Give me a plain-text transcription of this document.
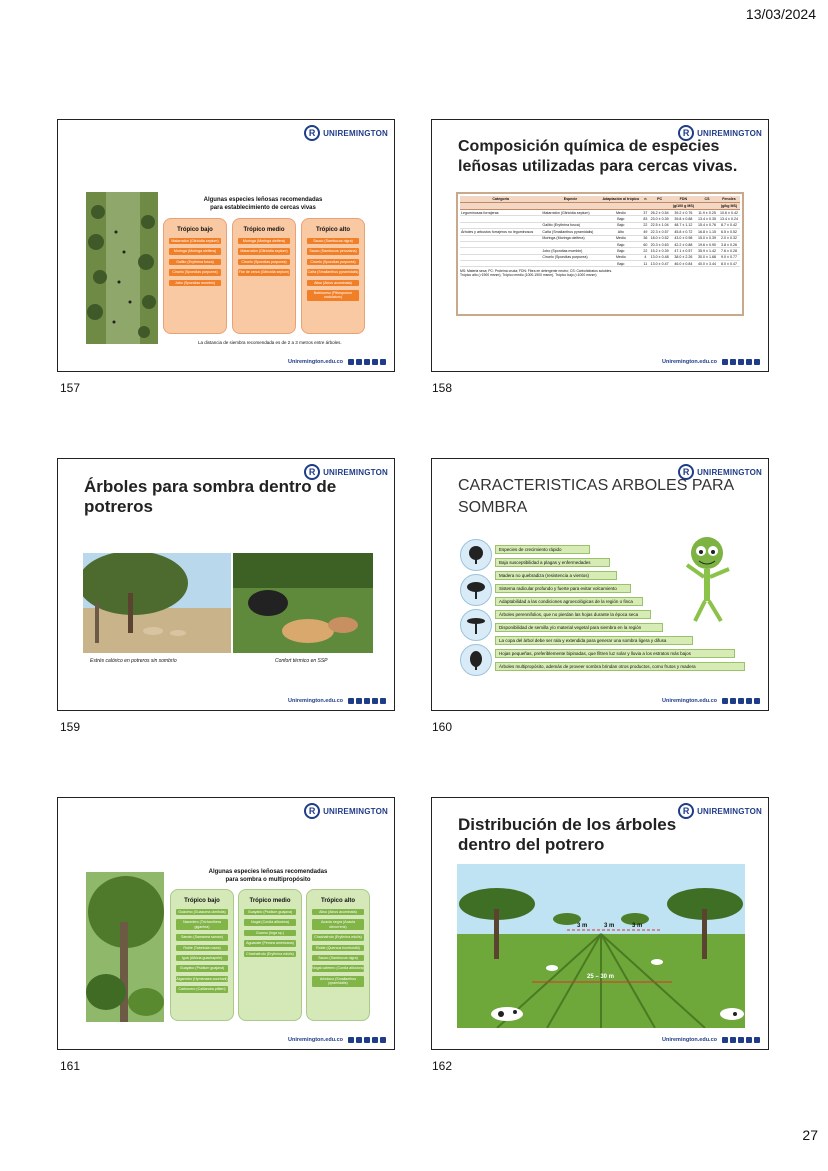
13/03/2024
27
R UNIREMINGTON
Algunas especies leñosas recomendadas
para establecimiento de cercas vivas
Trópico bajo
Matarratón (Gliricidia sepium)
Moringa (Moringa oleifera)
Gallito (Erythrina fusca)
Ciruelo (Spondias purpurea)
Jobo (Spondias mombin)
Trópico medio
Moringa (Moringa oleifera)
Matarratón (Gliricidia sepium)
Ciruelo (Spondias purpurea)
Flor de cerca (Gliricidia sepium)
Trópico alto
Sauco (Sambucus nigra)
Sauco (Sambucus peruviana)
Ciruelo (Spondias purpurea)
Caña (Smallanthus pyramidalis)
Aliso (Alnus acuminata)
Botrioneso (Pittosporum undulatum)
La distancia de siembra recomendada es de 2 a 3 metros entre árboles.
Uniremington.edu.co
157
R UNIREMINGTON
Composición química de especies
leñosas utilizadas para cercas vivas.
Categoría	Especie	Adaptación al trópico	n	PC	FDN	CS	Fenoles
					(g/100 g MS)		(g/kg MS)
Leguminosas forrajeras	Matarratón (Gliricidia sepium)	Medio	37	26.2 ± 0.54	39.2 ± 0.76	11.9 ± 0.25	10.6 ± 0.42
		Bajo	83	23.0 ± 0.39	39.8 ± 0.88	13.4 ± 0.35	13.4 ± 0.24
	Gallito (Erythrina fusca)	Bajo	22	22.5 ± 1.04	48.7 ± 1.12	15.4 ± 0.76	8.7 ± 0.42
Árboles y arbustos forrajeros no leguminosos	Caña (Smallanthus pyramidalis)	Alto	49	22.3 ± 0.57	45.8 ± 0.72	16.8 ± 1.15	6.5 ± 0.52
	Moringa (Moringa oleifera)	Medio	36	18.0 ± 0.52	43.0 ± 0.98	15.0 ± 0.39	2.0 ± 0.32
		Bajo	60	20.3 ± 0.63	42.2 ± 0.88	19.6 ± 0.90	3.8 ± 0.26
	Jobo (Spondias mombin)	Bajo	22	15.2 ± 0.39	47.1 ± 0.57	35.9 ± 1.42	7.6 ± 0.28
	Ciruelo (Spondias purpurea)	Medio	4	13.0 ± 0.48	38.0 ± 2.26	30.0 ± 1.68	9.0 ± 0.77
		Bajo	11	13.0 ± 0.47	46.0 ± 0.84	40.0 ± 3.44	8.0 ± 0.47
MS: Materia seca; PC: Proteína cruda; FDN: Fibra en detergente neutro; CS: Carbohidratos solubles.
Trópico alto (>1900 msnm), Trópico medio (1000-1900 msnm), Trópico bajo (<1000 msnm)
Uniremington.edu.co
158
R UNIREMINGTON
Árboles para sombra dentro de
potreros
Estrés calórico en potreros sin sombrío	Confort térmico en SSP
Uniremington.edu.co
159
R UNIREMINGTON
CARACTERISTICAS ARBOLES PARA
SOMBRA
Especies de crecimiento rápido
Baja susceptibilidad a plagas y enfermedades
Madera no quebradiza (resistencia a vientos)
Sistema radicular profundo y fuerte para evitar volcamiento
Adaptabilidad a las condiciones agroecológicas de la región o finca
Árboles perennifolios, que no pierdan las hojas durante la época seca
Disponibilidad de semilla y/o material vegetal para siembra en la región
La copa del árbol debe ser rala y extendida para generar una sombra ligera y difusa
Hojas pequeñas, preferiblemente bipinadas, que filtren luz solar y lluvia a los estratos más bajos
Árboles multipropósito, además de proveer sombra brindan otros productos, como frutos y madera
Uniremington.edu.co
160
R UNIREMINGTON
Algunas especies leñosas recomendadas
para sombra o multipropósito
Trópico bajo
Guácimo (Guazuma ulmifolia)
Nacedero (Trichanthera gigantea)
Samán (Samanea saman)
Roble (Tabebuia rosea)
Iguá (Albizia guachapele)
Guayabo (Psidium guajava)
Algarrobo (Hymenaea courbaril)
Carbonero (Calliandra pittieri)
Trópico medio
Guayabo (Psidium guajava)
Nogal (Cordia alliodora)
Guamo (Inga sp.)
Aguacate (Persea americana)
Chachafruto (Erythrina edulis)
Trópico alto
Aliso (Alnus acuminata)
Acacia negra (Acacia decurrens)
Chachafruto (Erythrina edulis)
Roble (Quercus humboldtii)
Sauco (Sambucus nigra)
Nogal cafetero (Cordia alliodora)
Arboloco (Smallanthus pyramidalis)
Uniremington.edu.co
161
R UNIREMINGTON
Distribución de los árboles
dentro del potrero
3 m	3 m	3 m
25 – 30 m
Uniremington.edu.co
162
